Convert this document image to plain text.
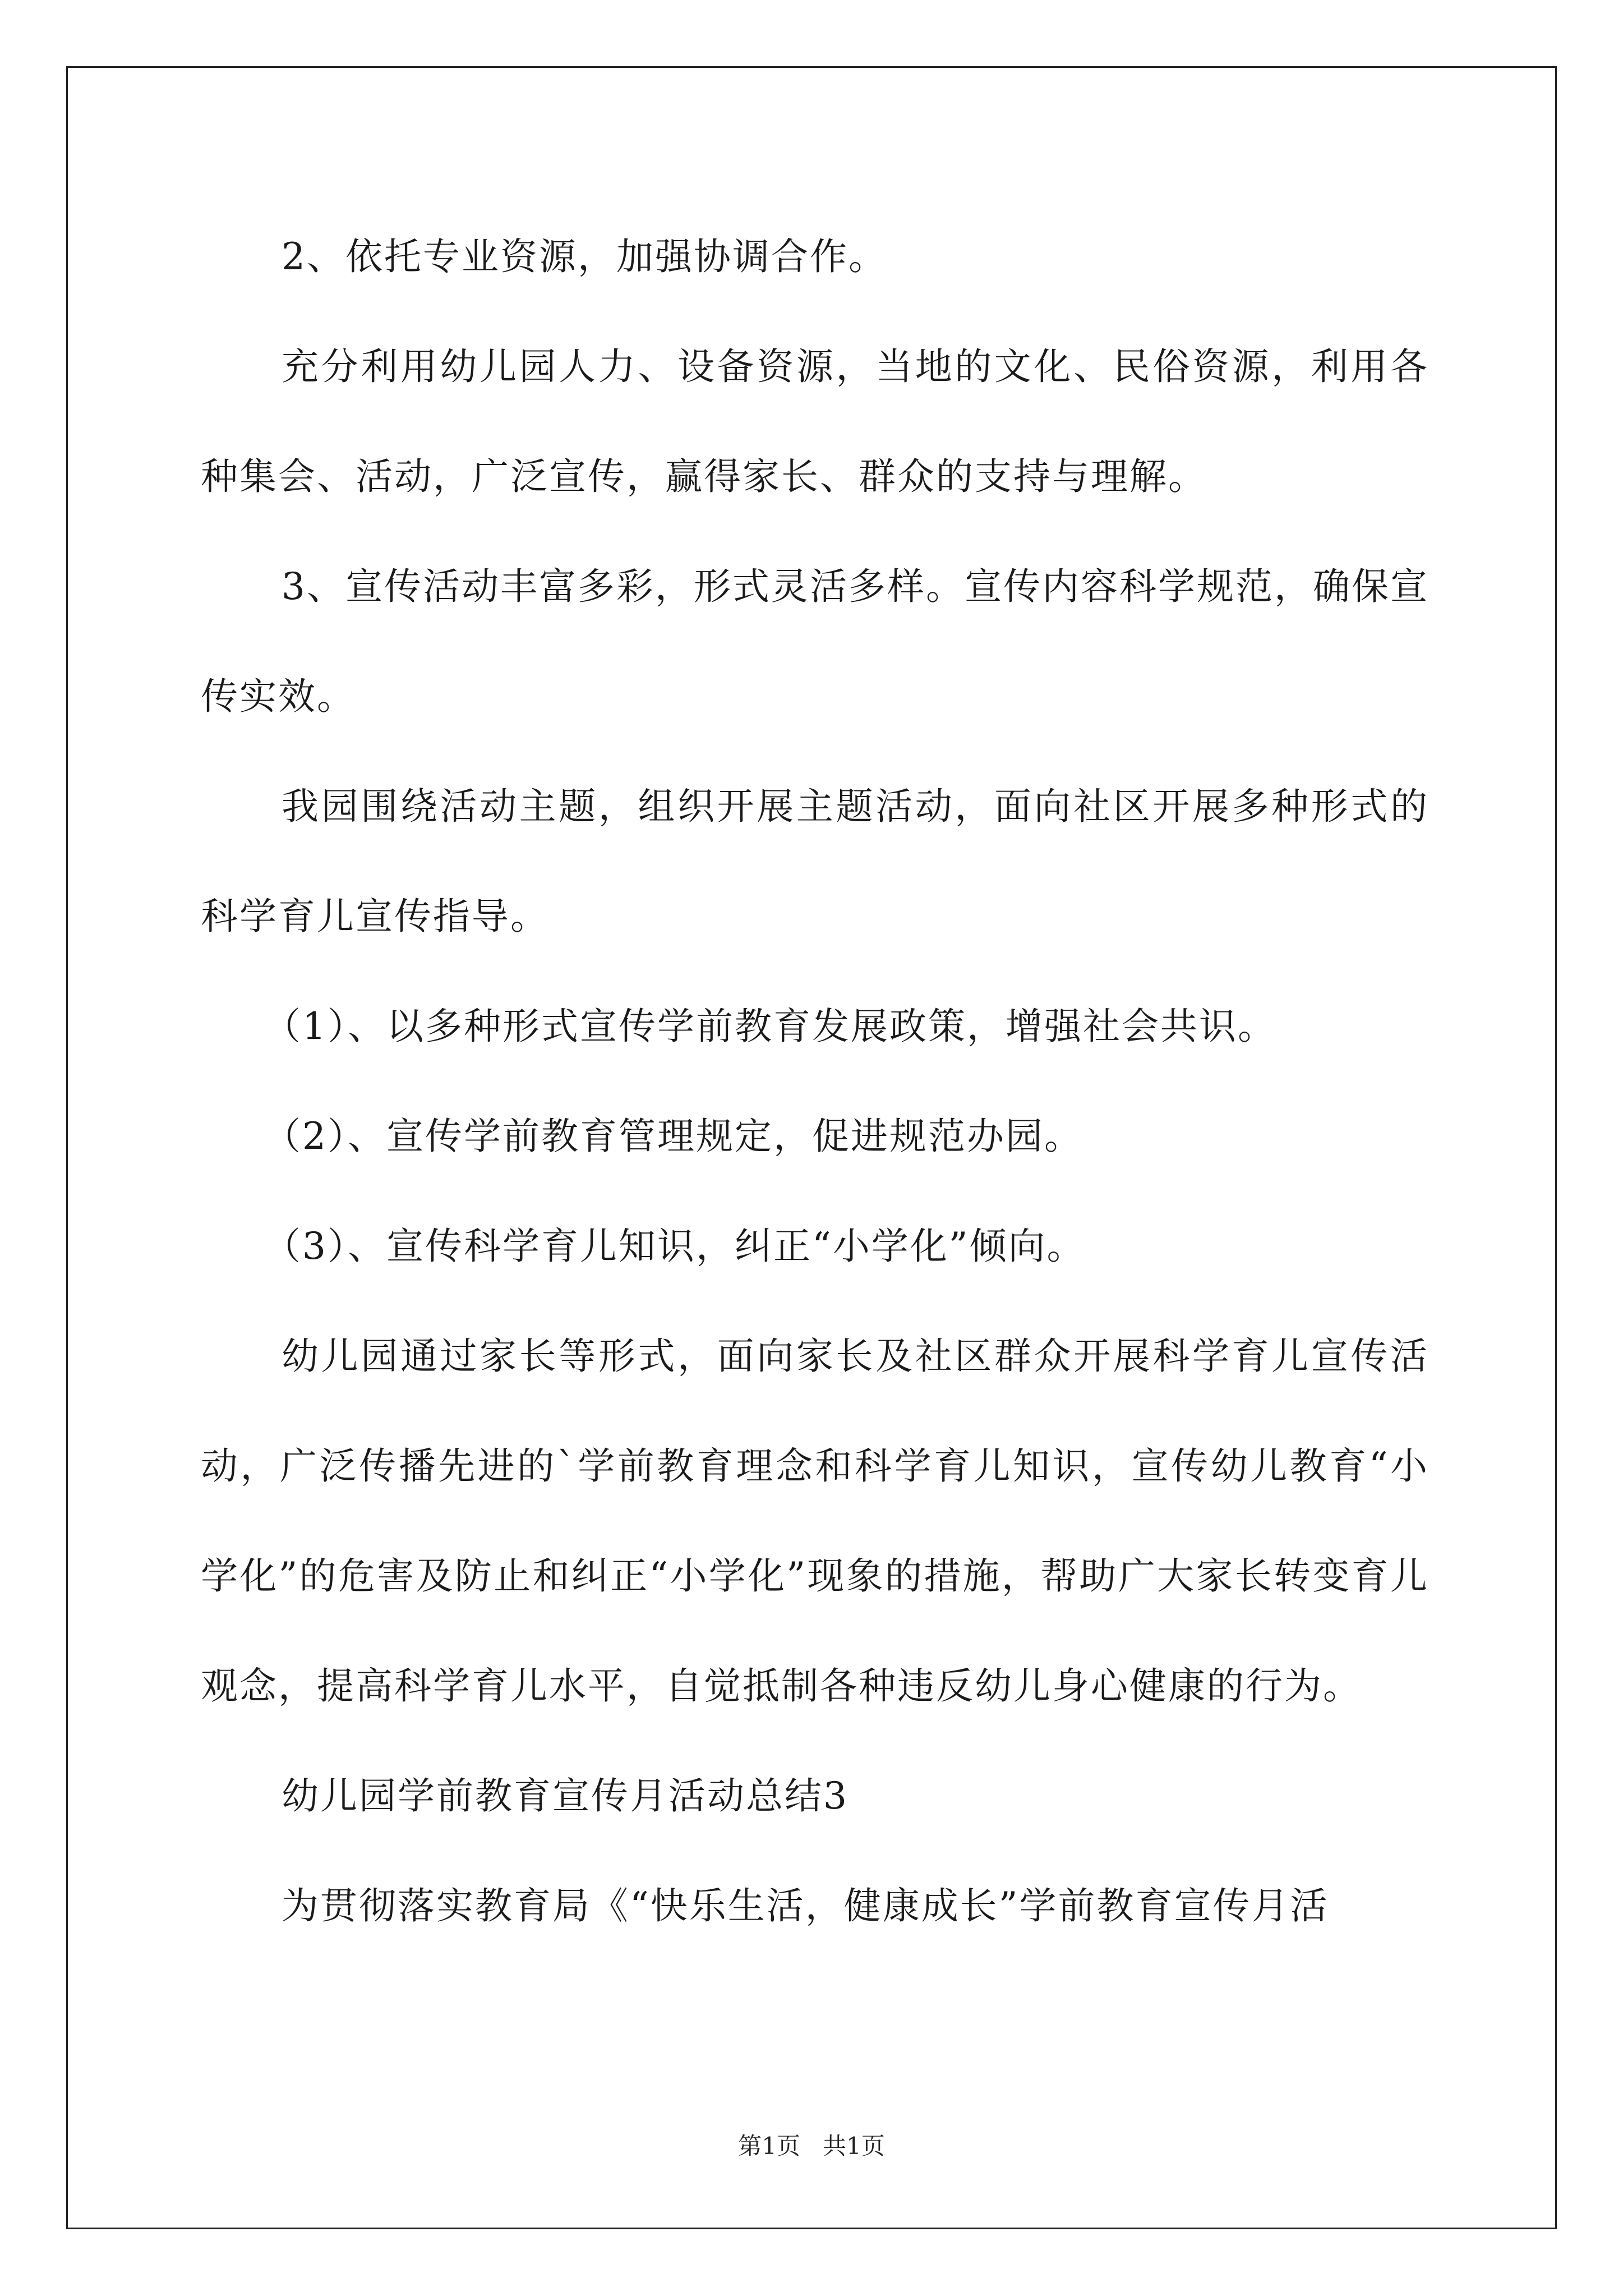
2、依托专业资源，加强协调合作。

充分利用幼儿园人力、设备资源，当地的文化、民俗资源，利用各种集会、活动，广泛宣传，赢得家长、群众的支持与理解。

3、宣传活动丰富多彩，形式灵活多样。宣传内容科学规范，确保宣传实效。

我园围绕活动主题，组织开展主题活动，面向社区开展多种形式的科学育儿宣传指导。

（1）、以多种形式宣传学前教育发展政策，增强社会共识。

（2）、宣传学前教育管理规定，促进规范办园。

（3）、宣传科学育儿知识，纠正“小学化”倾向。

幼儿园通过家长等形式，面向家长及社区群众开展科学育儿宣传活动，广泛传播先进的`学前教育理念和科学育儿知识，宣传幼儿教育“小学化”的危害及防止和纠正“小学化”现象的措施，帮助广大家长转变育儿观念，提高科学育儿水平，自觉抵制各种违反幼儿身心健康的行为。

幼儿园学前教育宣传月活动总结3

为贯彻落实教育局《“快乐生活，健康成长”学前教育宣传月活

第1页 共1页
